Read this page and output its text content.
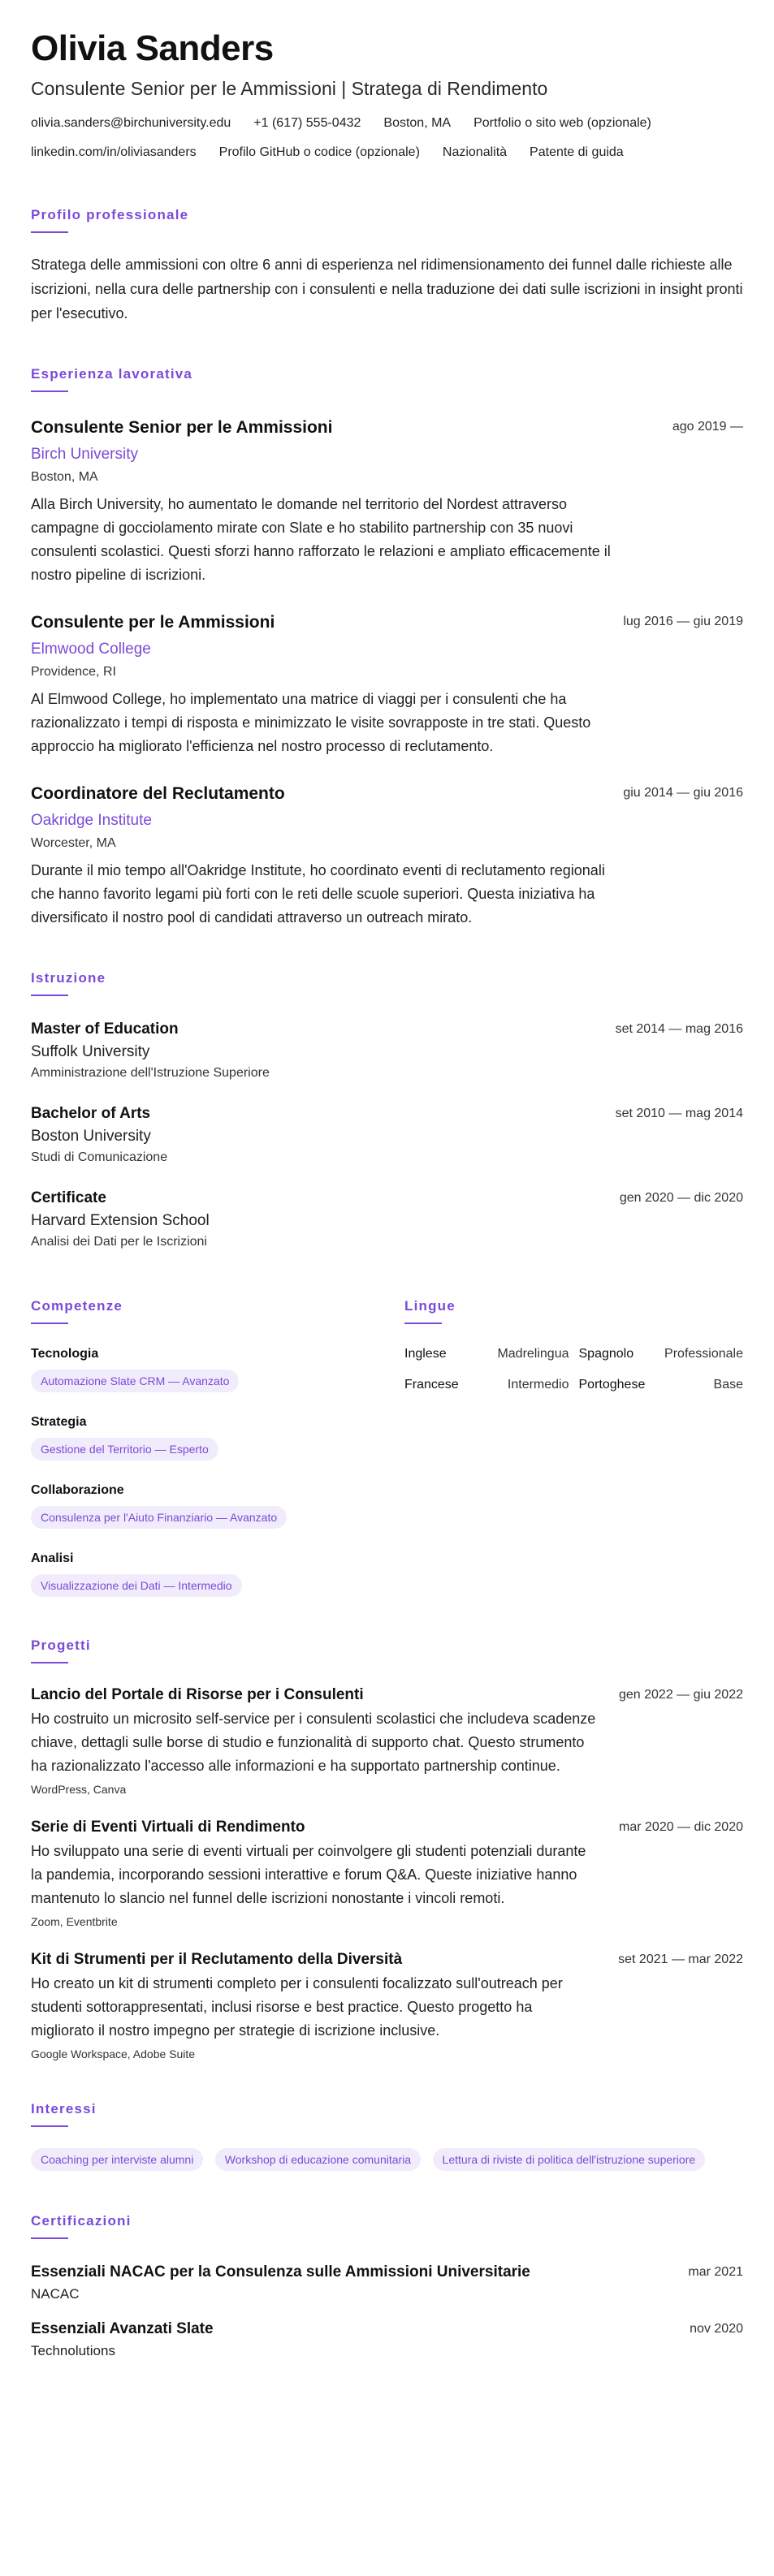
Olivia Sanders
Consulente Senior per le Ammissioni | Stratega di Rendimento
olivia.sanders@birchuniversity.edu +1 (617) 555-0432 Boston, MA Portfolio o sito web (opzionale)
linkedin.com/in/oliviasanders Profilo GitHub o codice (opzionale) Nazionalità Patente di guida
Profilo professionale

Stratega delle ammissioni con oltre 6 anni di esperienza nel ridimensionamento dei funnel dalle richieste alle iscrizioni, nella cura delle partnership con i consulenti e nella traduzione dei dati sulle iscrizioni in insight pronti per l'esecutivo.

Esperienza lavorativa
Consulente Senior per le Ammissioni	ago 2019 —
Birch University
Boston, MA

Alla Birch University, ho aumentato le domande nel territorio del Nordest attraverso campagne di gocciolamento mirate con Slate e ho stabilito partnership con 35 nuovi consulenti scolastici. Questi sforzi hanno rafforzato le relazioni e ampliato efficacemente il nostro pipeline di iscrizioni.

Consulente per le Ammissioni	lug 2016 — giu 2019
Elmwood College
Providence, RI

Al Elmwood College, ho implementato una matrice di viaggi per i consulenti che ha razionalizzato i tempi di risposta e minimizzato le visite sovrapposte in tre stati. Questo approccio ha migliorato l'efficienza nel nostro processo di reclutamento.

Coordinatore del Reclutamento	giu 2014 — giu 2016
Oakridge Institute
Worcester, MA

Durante il mio tempo all'Oakridge Institute, ho coordinato eventi di reclutamento regionali che hanno favorito legami più forti con le reti delle scuole superiori. Questa iniziativa ha diversificato il nostro pool di candidati attraverso un outreach mirato.

Istruzione
Master of Education	set 2014 — mag 2016
Suffolk University
Amministrazione dell'Istruzione Superiore
Bachelor of Arts	set 2010 — mag 2014
Boston University
Studi di Comunicazione
Certificate	gen 2020 — dic 2020
Harvard Extension School
Analisi dei Dati per le Iscrizioni
Competenze
Tecnologia
Automazione Slate CRM — Avanzato
Strategia
Gestione del Territorio — Esperto
Collaborazione
Consulenza per l'Aiuto Finanziario — Avanzato
Analisi
Visualizzazione dei Dati — Intermedio
Lingue
Inglese	Madrelingua Spagnolo Professionale
Francese	Intermedio Portoghese	Base
Progetti
Lancio del Portale di Risorse per i Consulenti	gen 2022 — giu 2022

Ho costruito un microsito self-service per i consulenti scolastici che includeva scadenze chiave, dettagli sulle borse di studio e funzionalità di supporto chat. Questo strumento ha razionalizzato l'accesso alle informazioni e ha supportato partnership continue.

WordPress, Canva
Serie di Eventi Virtuali di Rendimento	mar 2020 — dic 2020

Ho sviluppato una serie di eventi virtuali per coinvolgere gli studenti potenziali durante la pandemia, incorporando sessioni interattive e forum Q&A. Queste iniziative hanno mantenuto lo slancio nel funnel delle iscrizioni nonostante i vincoli remoti.

Zoom, Eventbrite
Kit di Strumenti per il Reclutamento della Diversità	set 2021 — mar 2022

Ho creato un kit di strumenti completo per i consulenti focalizzato sull'outreach per studenti sottorappresentati, inclusi risorse e best practice. Questo progetto ha migliorato il nostro impegno per strategie di iscrizione inclusive.

Google Workspace, Adobe Suite
Interessi
Coaching per interviste alumni	Workshop di educazione comunitaria	Lettura di riviste di politica dell'istruzione superiore
Certificazioni
Essenziali NACAC per la Consulenza sulle Ammissioni Universitarie	mar 2021
NACAC
Essenziali Avanzati Slate	nov 2020
Technolutions
